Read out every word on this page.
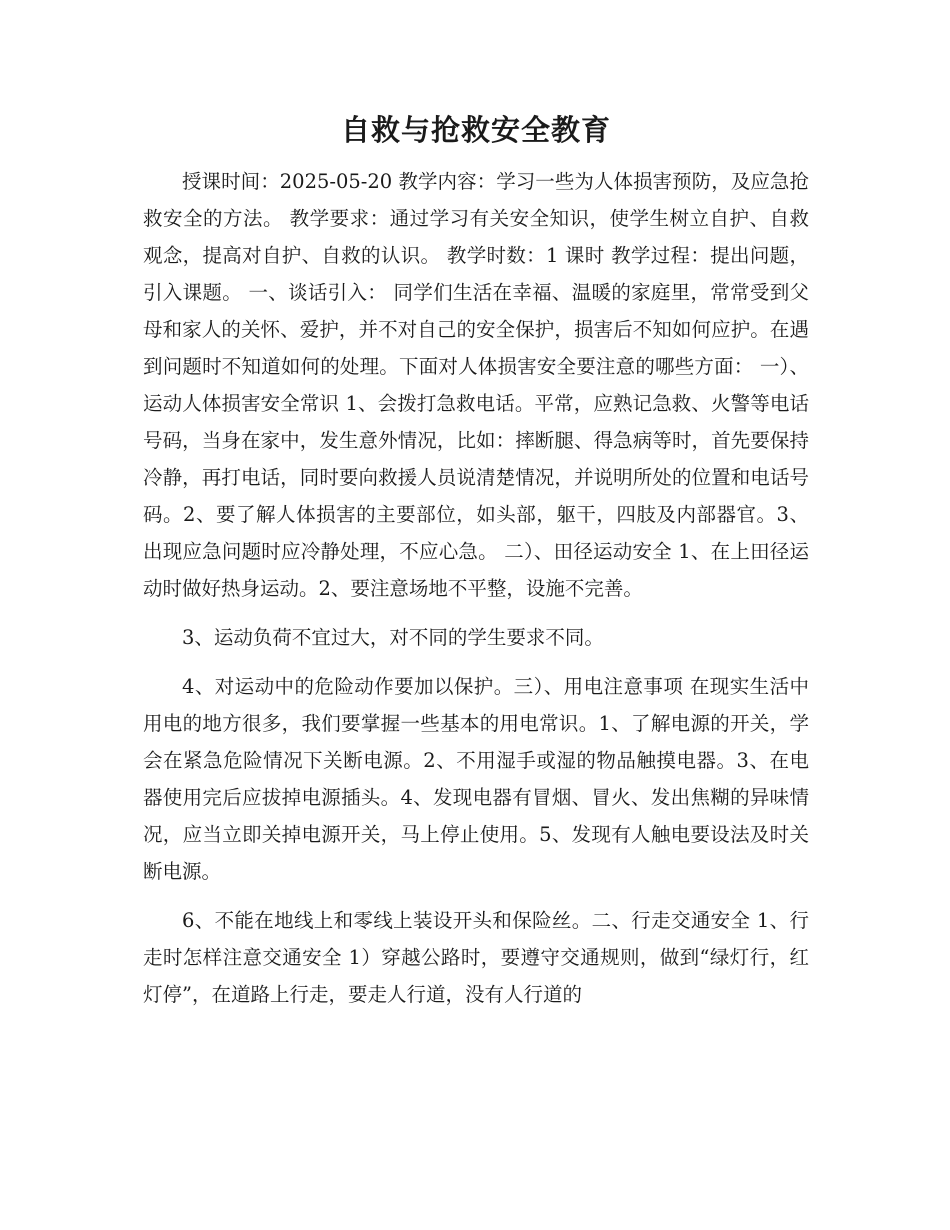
自救与抢救安全教育

授课时间：2025-05-20 教学内容：学习一些为人体损害预防，及应急抢救安全的方法。 教学要求：通过学习有关安全知识，使学生树立自护、自救观念，提高对自护、自救的认识。 教学时数：1 课时 教学过程：提出问题，引入课题。 一、谈话引入： 同学们生活在幸福、温暖的家庭里，常常受到父母和家人的关怀、爱护，并不对自己的安全保护，损害后不知如何应护。在遇到问题时不知道如何的处理。下面对人体损害安全要注意的哪些方面： 一）、运动人体损害安全常识 1、会拨打急救电话。平常，应熟记急救、火警等电话号码，当身在家中，发生意外情况，比如：摔断腿、得急病等时，首先要保持冷静，再打电话，同时要向救援人员说清楚情况，并说明所处的位置和电话号码。2、要了解人体损害的主要部位，如头部，躯干，四肢及内部器官。3、出现应急问题时应冷静处理，不应心急。 二）、田径运动安全 1、在上田径运动时做好热身运动。2、要注意场地不平整，设施不完善。

3、运动负荷不宜过大，对不同的学生要求不同。

4、对运动中的危险动作要加以保护。三）、用电注意事项 在现实生活中用电的地方很多，我们要掌握一些基本的用电常识。1、了解电源的开关，学会在紧急危险情况下关断电源。2、不用湿手或湿的物品触摸电器。3、在电器使用完后应拔掉电源插头。4、发现电器有冒烟、冒火、发出焦糊的异味情况，应当立即关掉电源开关，马上停止使用。5、发现有人触电要设法及时关断电源。

6、不能在地线上和零线上装设开头和保险丝。二、行走交通安全 1、行走时怎样注意交通安全 1）穿越公路时，要遵守交通规则，做到“绿灯行，红灯停”，在道路上行走，要走人行道，没有人行道的
